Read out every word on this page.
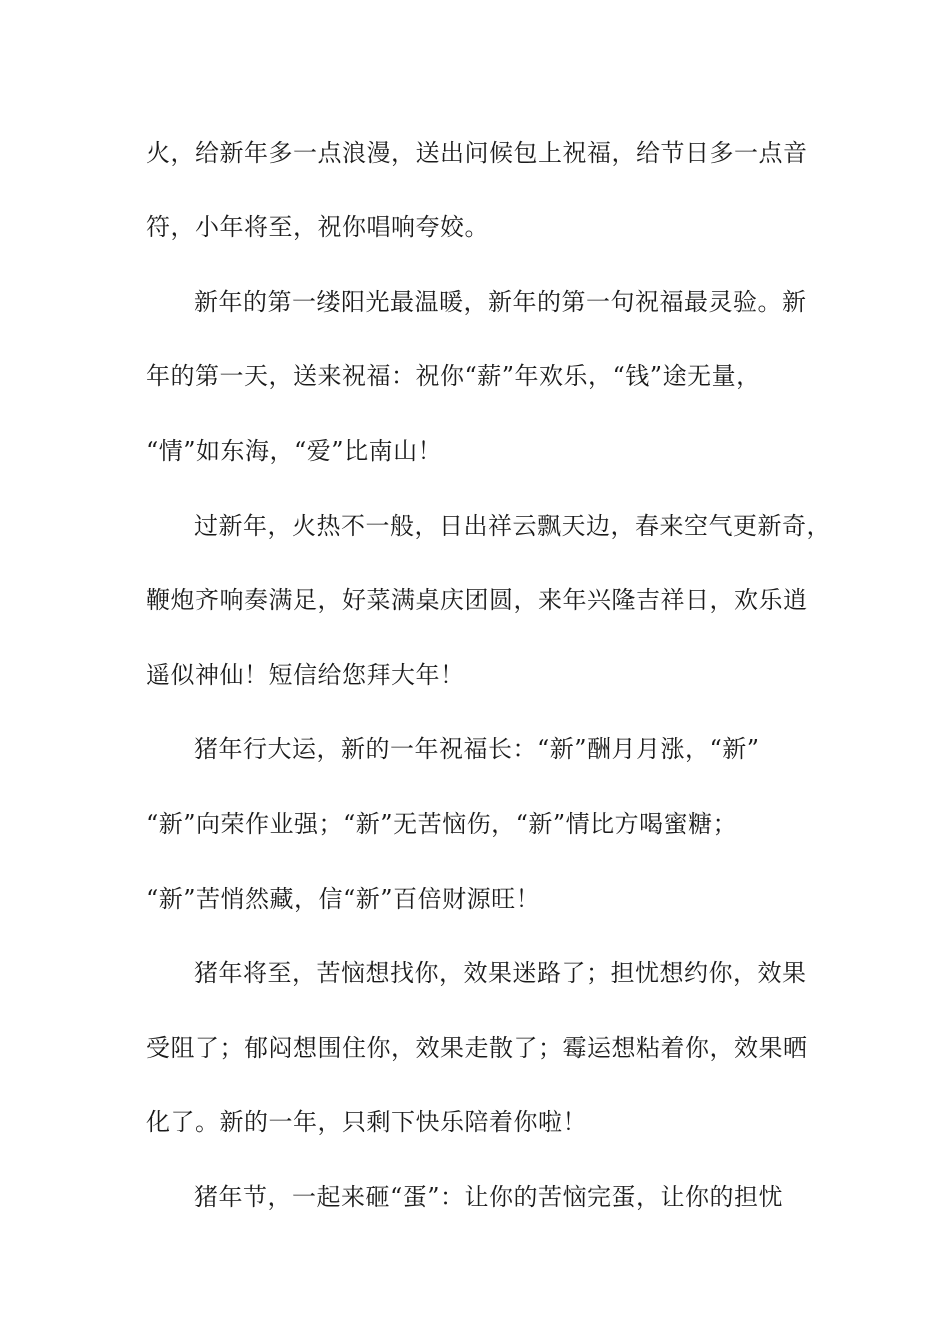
火，给新年多一点浪漫，送出问候包上祝福，给节日多一点音
符，小年将至，祝你唱响夸姣。
新年的第一缕阳光最温暖，新年的第一句祝福最灵验。新
年的第一天，送来祝福：祝你“薪”年欢乐，“钱”途无量，
“情”如东海，“爱”比南山！
过新年，火热不一般，日出祥云飘天边，春来空气更新奇，
鞭炮齐响奏满足，好菜满桌庆团圆，来年兴隆吉祥日，欢乐逍
遥似神仙！短信给您拜大年！
猪年行大运，新的一年祝福长：“新”酬月月涨，“新”
“新”向荣作业强；“新”无苦恼伤，“新”情比方喝蜜糖；
“新”苦悄然藏，信“新”百倍财源旺！
猪年将至，苦恼想找你，效果迷路了；担忧想约你，效果
受阻了；郁闷想围住你，效果走散了；霉运想粘着你，效果晒
化了。新的一年，只剩下快乐陪着你啦！
猪年节，一起来砸“蛋”：让你的苦恼完蛋，让你的担忧
